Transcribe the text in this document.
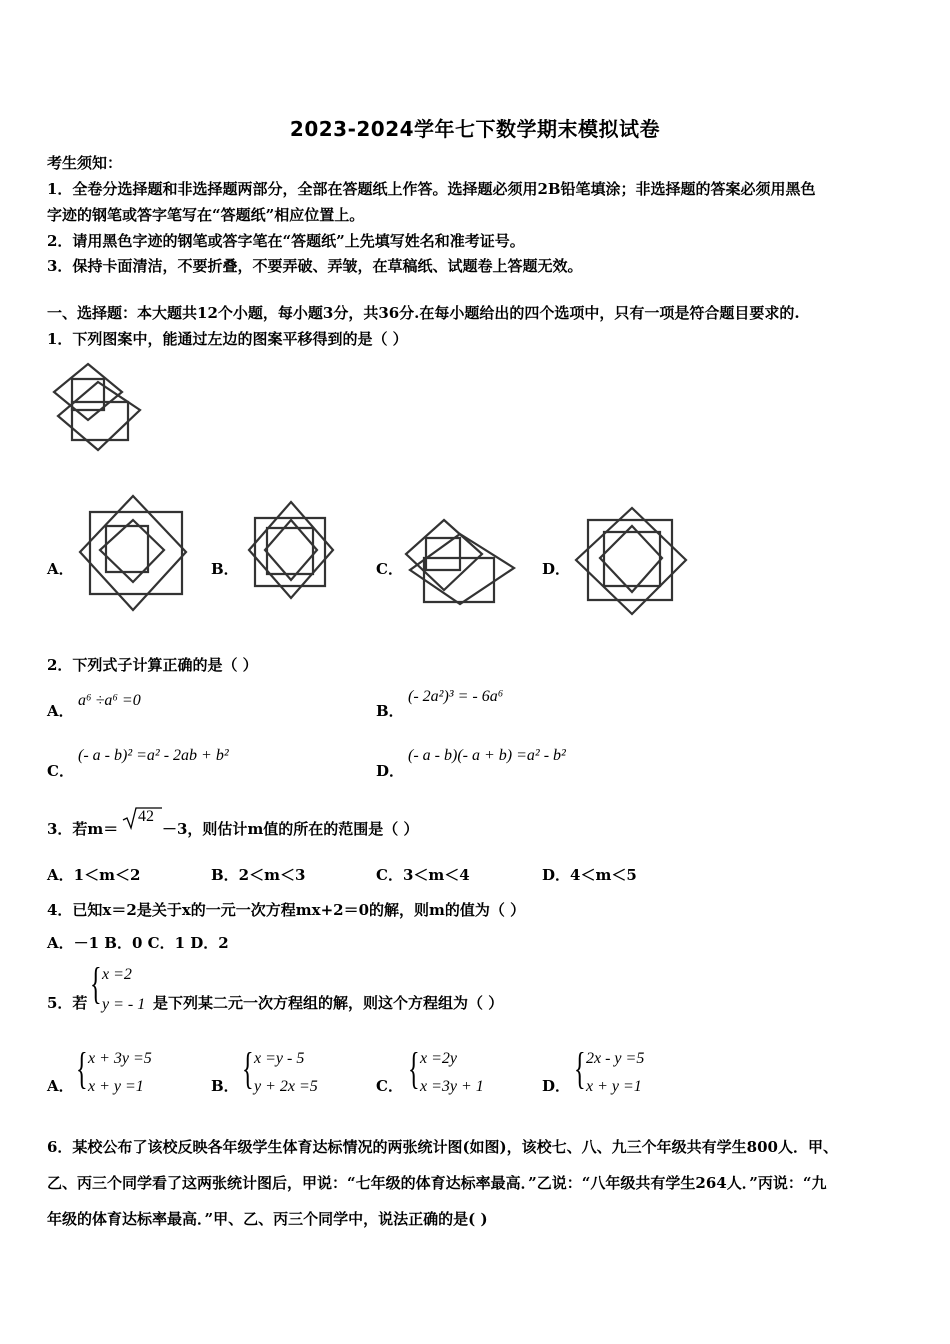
2023-2024学年七下数学期末模拟试卷
考生须知：
1．全卷分选择题和非选择题两部分，全部在答题纸上作答。选择题必须用2B铅笔填涂；非选择题的答案必须用黑色
字迹的钢笔或答字笔写在“答题纸”相应位置上。
2．请用黑色字迹的钢笔或答字笔在“答题纸”上先填写姓名和准考证号。
3．保持卡面清洁，不要折叠，不要弄破、弄皱，在草稿纸、试题卷上答题无效。
一、选择题：本大题共12个小题，每小题3分，共36分.在每小题给出的四个选项中，只有一项是符合题目要求的.
1．下列图案中，能通过左边的图案平移得到的是（ ）
A．	B．	C．	D．
2．下列式子计算正确的是（ ）
A．
a⁶ ÷a⁶ =0
B．
(- 2a²)³ = - 6a⁶
C．
(- a - b)² =a² - 2ab + b²
D．
(- a - b)(- a + b) =a² - b²
3．若m＝
42
－3，则估计m值的所在的范围是（ ）
A．1＜m＜2	B．2＜m＜3	C．3＜m＜4	D．4＜m＜5
4．已知x＝2是关于x的一元一次方程mx+2＝0的解，则m的值为（ ）
A．－1 B．0 C．1 D．2
5．若 { x =2
y = - 1 是下列某二元一次方程组的解，则这个方程组为（ ）
A． { x + 3y =5
x + y =1	B． { x =y - 5
y + 2x =5	C． { x =2y
x =3y + 1	D． { 2x - y =5
x + y =1
6．某校公布了该校反映各年级学生体育达标情况的两张统计图(如图)，该校七、八、九三个年级共有学生800人．甲、
乙、丙三个同学看了这两张统计图后，甲说：“七年级的体育达标率最高．”乙说：“八年级共有学生264人．”丙说：“九
年级的体育达标率最高．”甲、乙、丙三个同学中，说法正确的是( )
